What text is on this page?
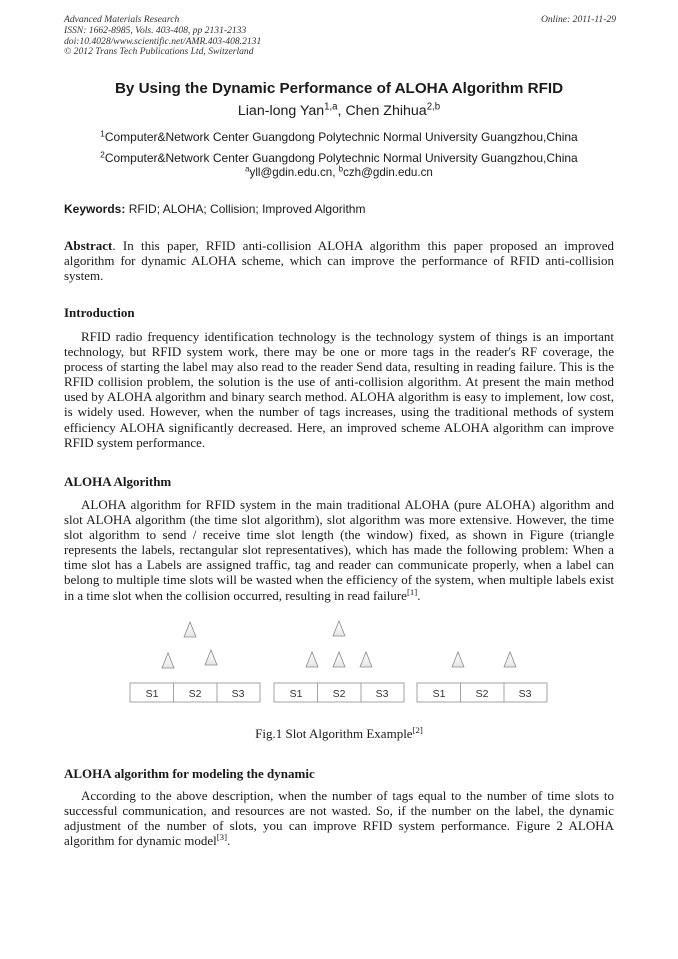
Advanced Materials Research
ISSN: 1662-8985, Vols. 403-408, pp 2131-2133
doi:10.4028/www.scientific.net/AMR.403-408.2131
© 2012 Trans Tech Publications Ltd, Switzerland
Online: 2011-11-29
By Using the Dynamic Performance of ALOHA Algorithm RFID
Lian-long Yan$^{1,a}$, Chen Zhihua$^{2,b}$
$^1$Computer&Network Center Guangdong Polytechnic Normal University Guangzhou,China
$^2$Computer&Network Center Guangdong Polytechnic Normal University Guangzhou,China
$^a$yll@gdin.edu.cn, $^b$czh@gdin.edu.cn
Keywords: RFID; ALOHA; Collision; Improved Algorithm
Abstract. In this paper, RFID anti-collision ALOHA algorithm this paper proposed an improved algorithm for dynamic ALOHA scheme, which can improve the performance of RFID anti-collision system.
Introduction
RFID radio frequency identification technology is the technology system of things is an important technology, but RFID system work, there may be one or more tags in the reader's RF coverage, the process of starting the label may also read to the reader Send data, resulting in reading failure. This is the RFID collision problem, the solution is the use of anti-collision algorithm. At present the main method used by ALOHA algorithm and binary search method. ALOHA algorithm is easy to implement, low cost, is widely used. However, when the number of tags increases, using the traditional methods of system efficiency ALOHA significantly decreased. Here, an improved scheme ALOHA algorithm can improve RFID system performance.
ALOHA Algorithm
ALOHA algorithm for RFID system in the main traditional ALOHA (pure ALOHA) algorithm and slot ALOHA algorithm (the time slot algorithm), slot algorithm was more extensive. However, the time slot algorithm to send / receive time slot length (the window) fixed, as shown in Figure (triangle represents the labels, rectangular slot representatives), which has made the following problem: When a time slot has a Labels are assigned traffic, tag and reader can communicate properly, when a label can belong to multiple time slots will be wasted when the efficiency of the system, when multiple labels exist in a time slot when the collision occurred, resulting in read failure[1].
S1	S2	S3	S1	S2	S3	S1	S2	S3
Fig.1 Slot Algorithm Example[2]
ALOHA algorithm for modeling the dynamic
According to the above description, when the number of tags equal to the number of time slots to successful communication, and resources are not wasted. So, if the number on the label, the dynamic adjustment of the number of slots, you can improve RFID system performance. Figure 2 ALOHA algorithm for dynamic model[3].
